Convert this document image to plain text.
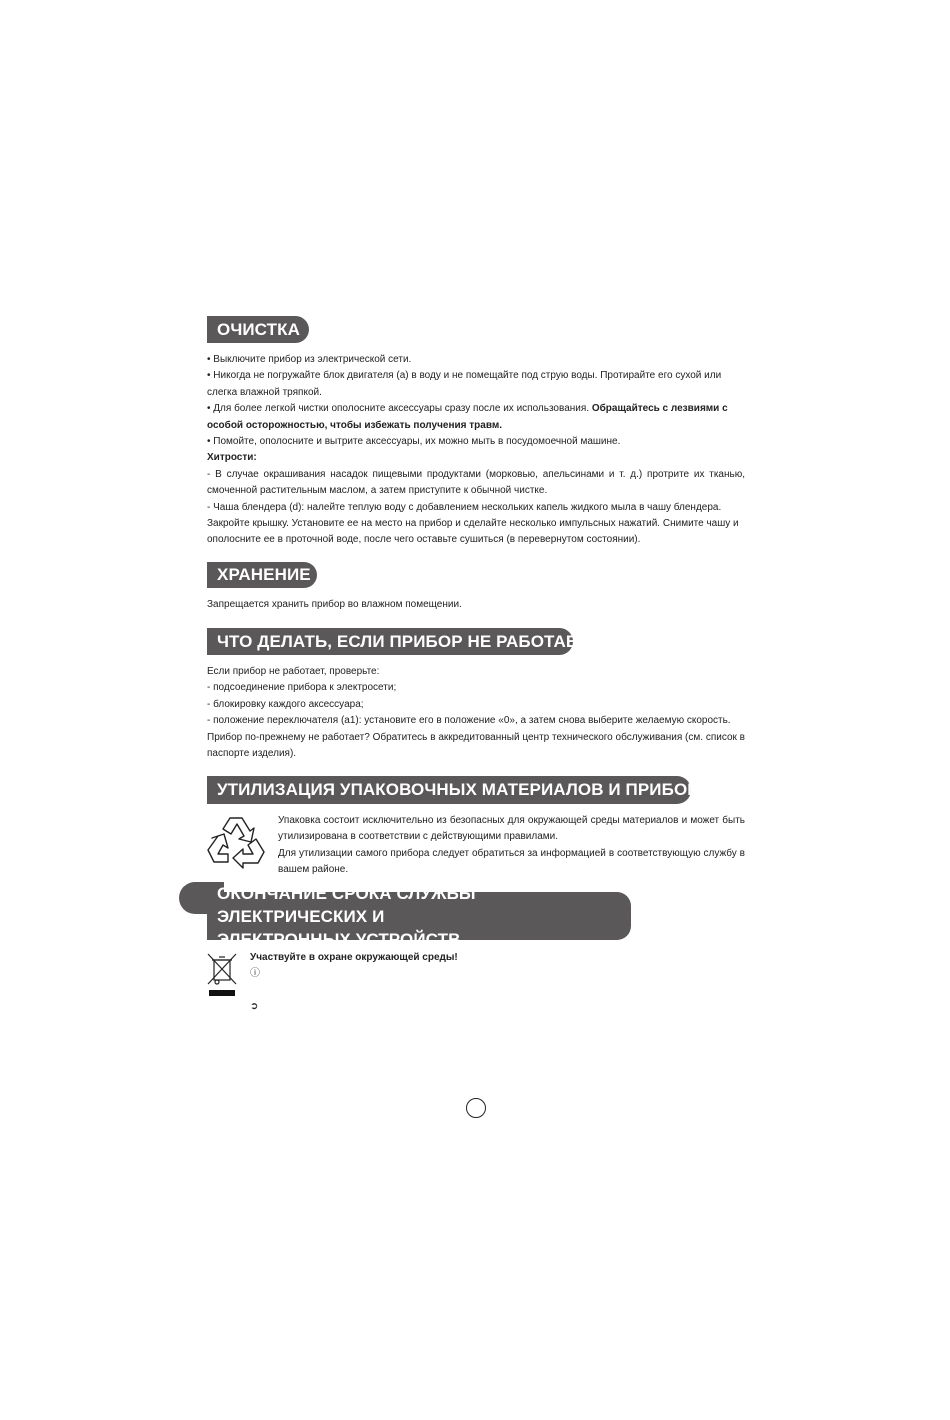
ОЧИСТКА

• Выключите прибор из электрической сети.

• Никогда не погружайте блок двигателя (a) в воду и не помещайте под струю воды. Протирайте его сухой или слегка влажной тряпкой.

• Для более легкой чистки ополосните аксессуары сразу после их использования. Обращайтесь с лезвиями с особой осторожностью, чтобы избежать получения травм.

• Помойте, ополосните и вытрите аксессуары, их можно мыть в посудомоечной машине.

Хитрости:

- В случае окрашивания насадок пищевыми продуктами (морковью, апельсинами и т. д.) протрите их тканью, смоченной растительным маслом, а затем приступите к обычной чистке.

- Чаша блендера (d): налейте теплую воду с добавлением нескольких капель жидкого мыла в чашу блендера. Закройте крышку. Установите ее на место на прибор и сделайте несколько импульсных нажатий. Снимите чашу и ополосните ее в проточной воде, после чего оставьте сушиться (в перевернутом состоянии).

ХРАНЕНИЕ

Запрещается хранить прибор во влажном помещении.

ЧТО ДЕЛАТЬ, ЕСЛИ ПРИБОР НЕ РАБОТАЕТ?

Если прибор не работает, проверьте:

- подсоединение прибора к электросети;

- блокировку каждого аксессуара;

- положение переключателя (a1): установите его в положение «0», а затем снова выберите желаемую скорость.

Прибор по-прежнему не работает? Обратитесь в аккредитованный центр технического обслуживания (см. список в паспорте изделия).

УТИЛИЗАЦИЯ УПАКОВОЧНЫХ МАТЕРИАЛОВ И ПРИБОРА

Упаковка состоит исключительно из безопасных для окружающей среды материалов и может быть утилизирована в соответствии с действующими правилами.

Для утилизации самого прибора следует обратиться за информацией в соответствующую службу в вашем районе.

ОКОНЧАНИЕ СРОКА СЛУЖБЫ ЭЛЕКТРИЧЕСКИХ И
ЭЛЕКТРОННЫХ УСТРОЙСТВ

Участвуйте в охране окружающей среды!

ⓘ

➲
